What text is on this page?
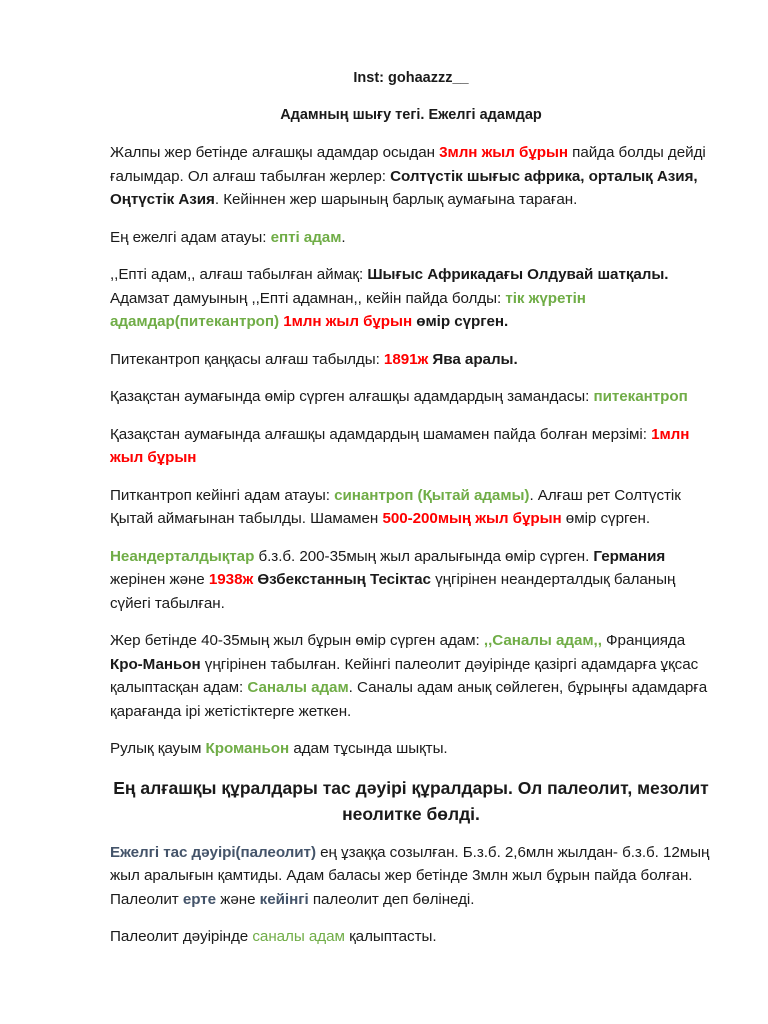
Inst: gohaazzz__

Адамның шығу тегі. Ежелгі адамдар

Жалпы жер бетінде алғашқы адамдар осыдан 3млн жыл бұрын пайда болды дейді ғалымдар. Ол алғаш табылған жерлер: Солтүстік шығыс африка, орталық Азия, Оңтүстік Азия. Кейіннен жер шарының барлық аумағына тараған.

Ең ежелгі адам атауы: епті адам.

,,Епті адам,, алғаш табылған аймақ: Шығыс Африкадағы Олдувай шатқалы. Адамзат дамуының ,,Епті адамнан,, кейін пайда болды: тік жүретін адамдар(питекантроп) 1млн жыл бұрын өмір сүрген.

Питекантроп қаңқасы алғаш табылды: 1891ж Ява аралы.

Қазақстан аумағында өмір сүрген алғашқы адамдардың замандасы: питекантроп

Қазақстан аумағында алғашқы адамдардың шамамен пайда болған мерзімі: 1млн жыл бұрын

Питкантроп кейінгі адам атауы: синантроп (Қытай адамы). Алғаш рет Солтүстік Қытай аймағынан табылды. Шамамен 500-200мың жыл бұрын өмір сүрген.

Неандерталдықтар б.з.б. 200-35мың жыл аралығында өмір сүрген. Германия жерінен және 1938ж Өзбекстанның Тесіктас үңгірінен неандерталдық баланың сүйегі табылған.

Жер бетінде 40-35мың жыл бұрын өмір сүрген адам: ,,Саналы адам,, Францияда Кро-Маньон үңгірінен табылған. Кейінгі палеолит дәуірінде қазіргі адамдарға ұқсас қалыптасқан адам: Саналы адам. Саналы адам анық сөйлеген, бұрыңғы адамдарға қарағанда ірі жетістіктерге жеткен.

Рулық қауым Кроманьон адам тұсында шықты.

Ең алғашқы құралдары тас дәуірі құралдары. Ол палеолит, мезолит неолитке бөлді.

Ежелгі тас дәуірі(палеолит) ең ұзаққа созылған. Б.з.б. 2,6млн жылдан- б.з.б. 12мың жыл аралығын қамтиды. Адам баласы жер бетінде 3млн жыл бұрын пайда болған. Палеолит ерте және кейінгі палеолит деп бөлінеді.

Палеолит дәуірінде саналы адам қалыптасты.
